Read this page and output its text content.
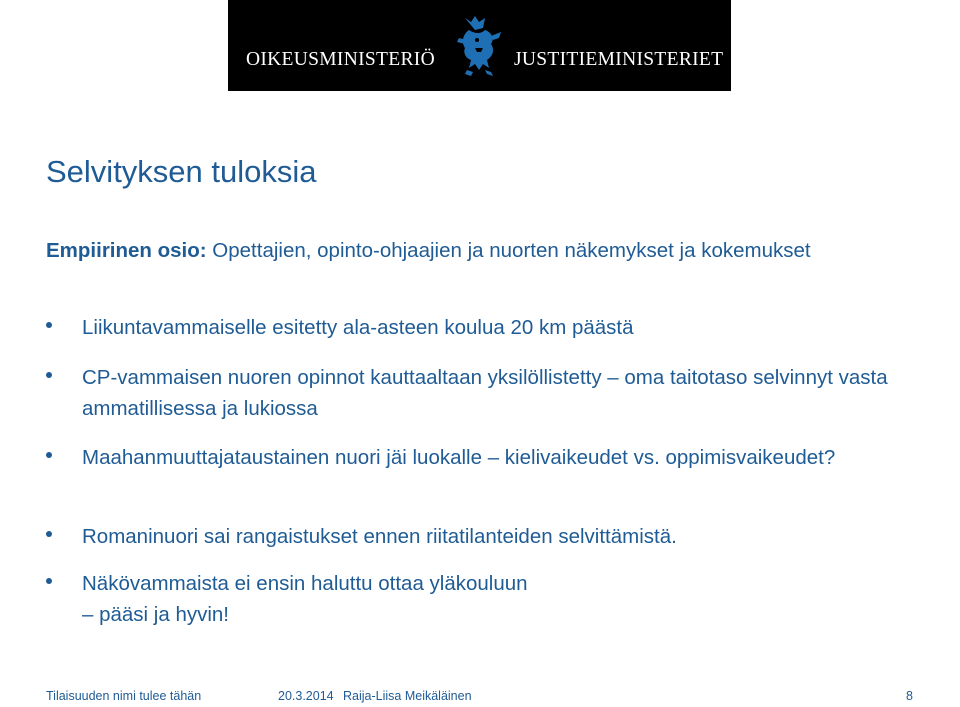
OIKEUSMINISTERIÖ	JUSTITIEMINISTERIET
Selvityksen tuloksia
Empiirinen osio: Opettajien, opinto-ohjaajien ja nuorten näkemykset ja kokemukset
Liikuntavammaiselle esitetty ala-asteen koulua 20 km päästä
CP-vammaisen nuoren opinnot kauttaaltaan yksilöllistetty – oma taitotaso selvinnyt vasta ammatillisessa ja lukiossa
Maahanmuuttajataustainen nuori jäi luokalle – kielivaikeudet vs. oppimisvaikeudet?
Romaninuori sai rangaistukset ennen riitatilanteiden selvittämistä.
Näkövammaista ei ensin haluttu ottaa yläkouluun
– pääsi ja hyvin!
Tilaisuuden nimi tulee tähän	20.3.2014 Raija-Liisa Meikäläinen	8
